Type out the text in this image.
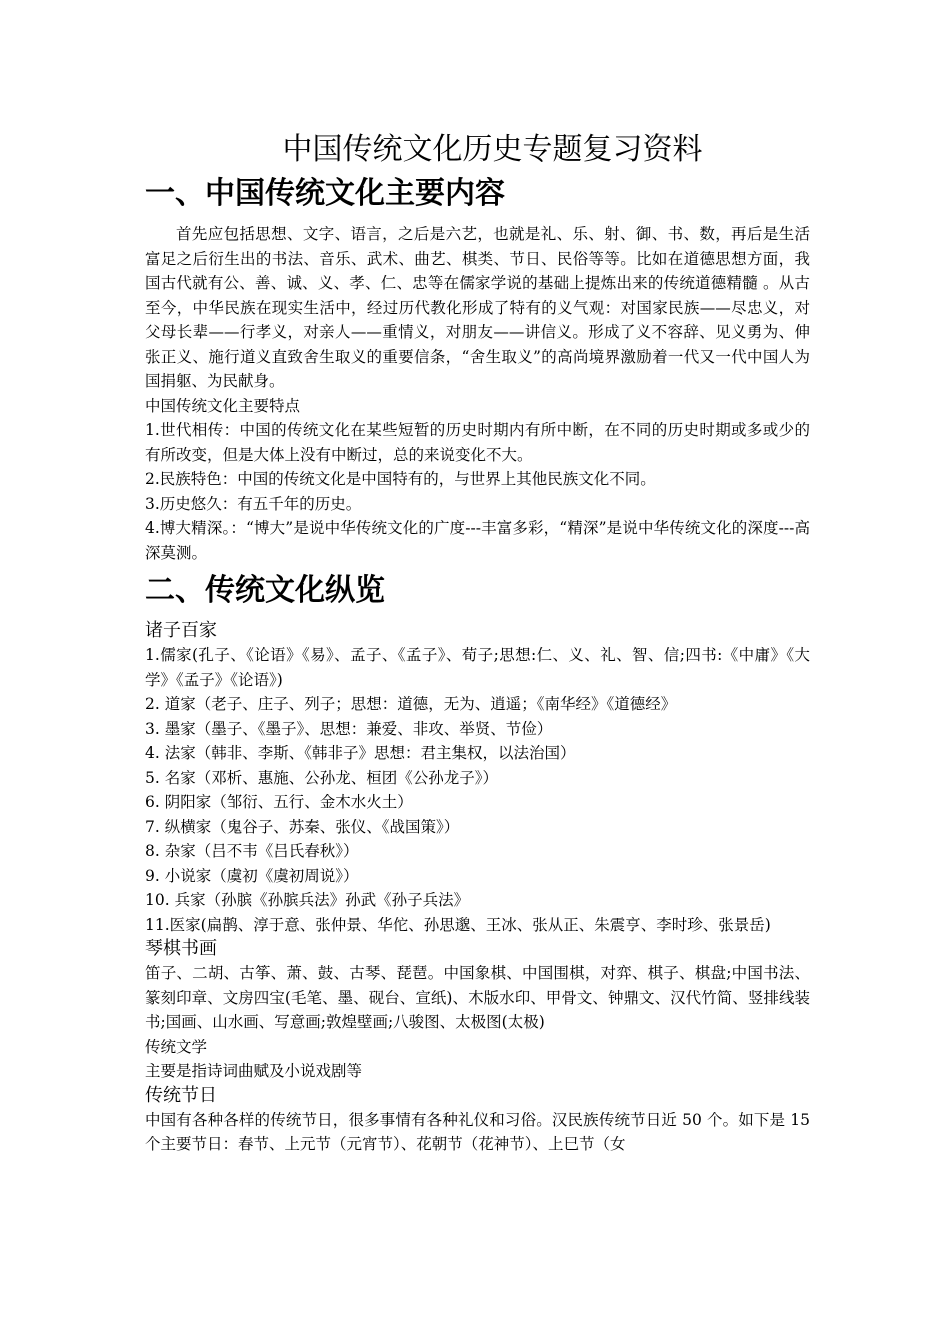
中国传统文化历史专题复习资料
一、中国传统文化主要内容

首先应包括思想、文字、语言，之后是六艺，也就是礼、乐、射、御、书、数，再后是生活富足之后衍生出的书法、音乐、武术、曲艺、棋类、节日、民俗等等。比如在道德思想方面，我国古代就有公、善、诚、义、孝、仁、忠等在儒家学说的基础上提炼出来的传统道德精髓 。从古至今，中华民族在现实生活中，经过历代教化形成了特有的义气观：对国家民族——尽忠义，对父母长辈——行孝义，对亲人——重情义，对朋友——讲信义。形成了义不容辞、见义勇为、伸张正义、施行道义直致舍生取义的重要信条，“舍生取义”的高尚境界激励着一代又一代中国人为国捐躯、为民献身。

中国传统文化主要特点

1.世代相传：中国的传统文化在某些短暂的历史时期内有所中断，在不同的历史时期或多或少的有所改变，但是大体上没有中断过，总的来说变化不大。

2.民族特色：中国的传统文化是中国特有的，与世界上其他民族文化不同。

3.历史悠久：有五千年的历史。

4.博大精深。：“博大”是说中华传统文化的广度---丰富多彩，“精深”是说中华传统文化的深度---高深莫测。

二、传统文化纵览
诸子百家

1.儒家(孔子、《论语》《易》、孟子、《孟子》、荀子;思想:仁、义、礼、智、信;四书:《中庸》《大学》《孟子》《论语》)

2. 道家（老子、庄子、列子；思想：道德，无为、逍遥；《南华经》《道德经》

3. 墨家（墨子、《墨子》、思想：兼爱、非攻、举贤、节俭）

4. 法家（韩非、李斯、《韩非子》思想：君主集权，以法治国）

5. 名家（邓析、惠施、公孙龙、桓团《公孙龙子》）

6. 阴阳家（邹衍、五行、金木水火土）

7. 纵横家（鬼谷子、苏秦、张仪、《战国策》）

8. 杂家（吕不韦《吕氏春秋》）

9. 小说家（虞初《虞初周说》）

10. 兵家（孙膑《孙膑兵法》孙武《孙子兵法》

11.医家(扁鹊、淳于意、张仲景、华佗、孙思邈、王冰、张从正、朱震亨、李时珍、张景岳)

琴棋书画

笛子、二胡、古筝、萧、鼓、古琴、琵琶。中国象棋、中国围棋，对弈、棋子、棋盘;中国书法、篆刻印章、文房四宝(毛笔、墨、砚台、宣纸)、木版水印、甲骨文、钟鼎文、汉代竹简、竖排线装书;国画、山水画、写意画;敦煌壁画;八骏图、太极图(太极)

传统文学

主要是指诗词曲赋及小说戏剧等

传统节日

中国有各种各样的传统节日，很多事情有各种礼仪和习俗。汉民族传统节日近 50 个。如下是 15 个主要节日：春节、上元节（元宵节）、花朝节（花神节）、上巳节（女
